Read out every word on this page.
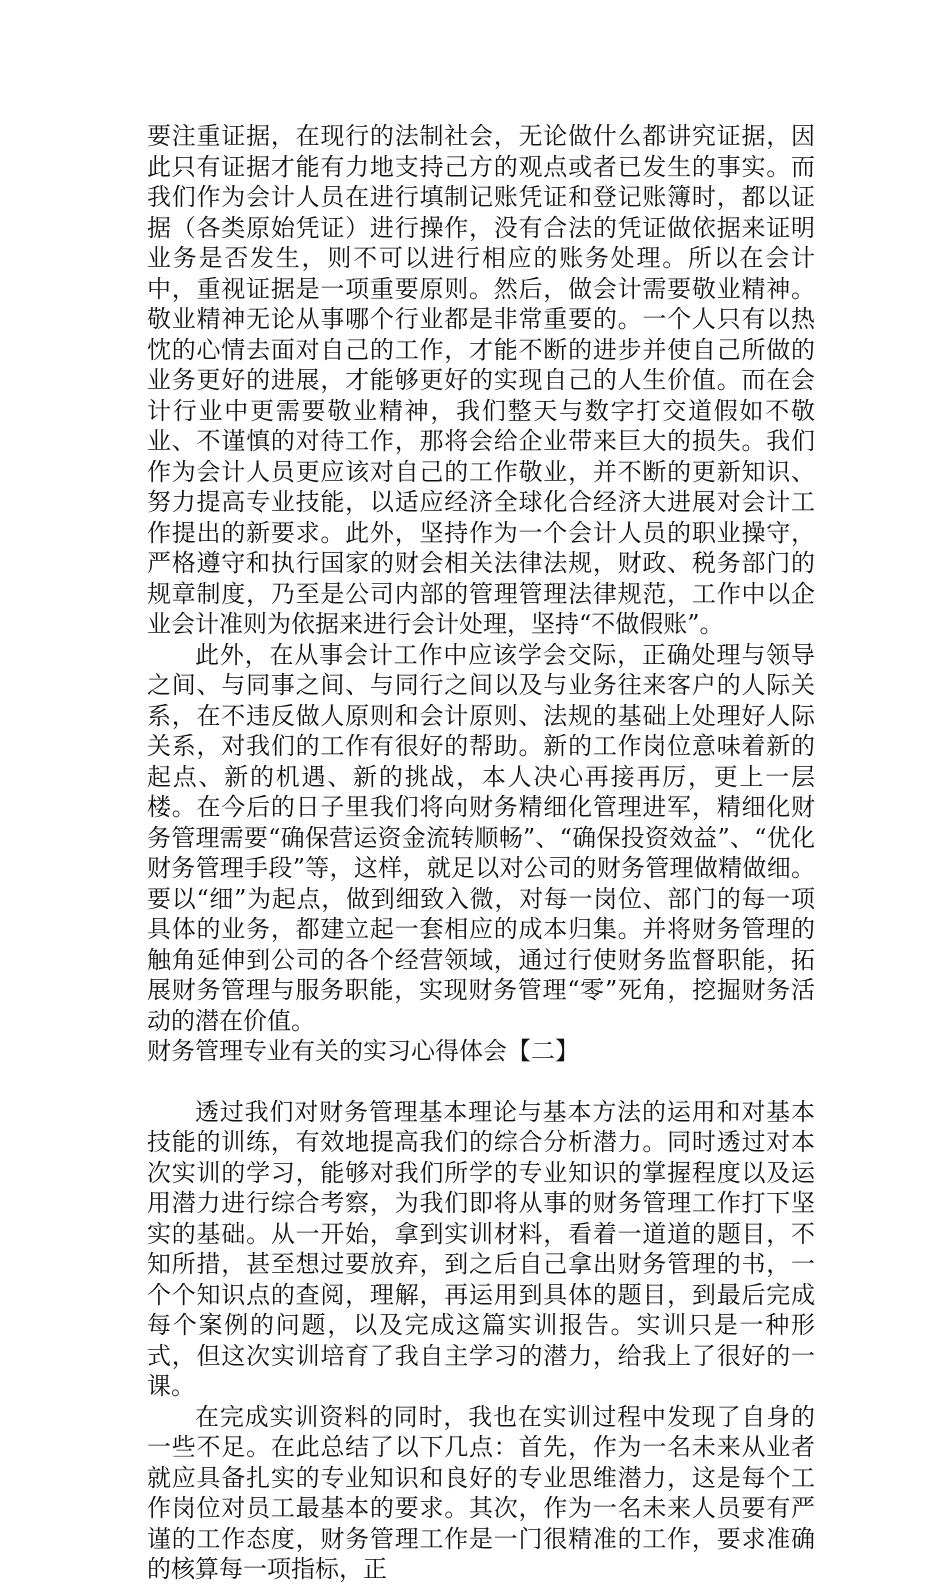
要注重证据，在现行的法制社会，无论做什么都讲究证据，因此只有证据才能有力地支持己方的观点或者已发生的事实。而我们作为会计人员在进行填制记账凭证和登记账簿时，都以证据（各类原始凭证）进行操作，没有合法的凭证做依据来证明业务是否发生，则不可以进行相应的账务处理。所以在会计中，重视证据是一项重要原则。然后，做会计需要敬业精神。敬业精神无论从事哪个行业都是非常重要的。一个人只有以热忱的心情去面对自己的工作，才能不断的进步并使自己所做的业务更好的进展，才能够更好的实现自己的人生价值。而在会计行业中更需要敬业精神，我们整天与数字打交道假如不敬业、不谨慎的对待工作，那将会给企业带来巨大的损失。我们作为会计人员更应该对自己的工作敬业，并不断的更新知识、努力提高专业技能，以适应经济全球化合经济大进展对会计工作提出的新要求。此外，坚持作为一个会计人员的职业操守，严格遵守和执行国家的财会相关法律法规，财政、税务部门的规章制度，乃至是公司内部的管理管理法律规范，工作中以企业会计准则为依据来进行会计处理，坚持“不做假账”。

此外，在从事会计工作中应该学会交际，正确处理与领导之间、与同事之间、与同行之间以及与业务往来客户的人际关系，在不违反做人原则和会计原则、法规的基础上处理好人际关系，对我们的工作有很好的帮助。新的工作岗位意味着新的起点、新的机遇、新的挑战，本人决心再接再厉，更上一层楼。在今后的日子里我们将向财务精细化管理进军，精细化财务管理需要“确保营运资金流转顺畅”、“确保投资效益”、“优化财务管理手段”等，这样，就足以对公司的财务管理做精做细。要以“细”为起点，做到细致入微，对每一岗位、部门的每一项具体的业务，都建立起一套相应的成本归集。并将财务管理的触角延伸到公司的各个经营领域，通过行使财务监督职能，拓展财务管理与服务职能，实现财务管理“零”死角，挖掘财务活动的潜在价值。

财务管理专业有关的实习心得体会【二】

透过我们对财务管理基本理论与基本方法的运用和对基本技能的训练，有效地提高我们的综合分析潜力。同时透过对本次实训的学习，能够对我们所学的专业知识的掌握程度以及运用潜力进行综合考察，为我们即将从事的财务管理工作打下坚实的基础。从一开始，拿到实训材料，看着一道道的题目，不知所措，甚至想过要放弃，到之后自己拿出财务管理的书，一个个知识点的查阅，理解，再运用到具体的题目，到最后完成每个案例的问题，以及完成这篇实训报告。实训只是一种形式，但这次实训培育了我自主学习的潜力，给我上了很好的一课。

在完成实训资料的同时，我也在实训过程中发现了自身的一些不足。在此总结了以下几点：首先，作为一名未来从业者就应具备扎实的专业知识和良好的专业思维潜力，这是每个工作岗位对员工最基本的要求。其次，作为一名未来人员要有严谨的工作态度，财务管理工作是一门很精准的工作，要求准确的核算每一项指标，正
